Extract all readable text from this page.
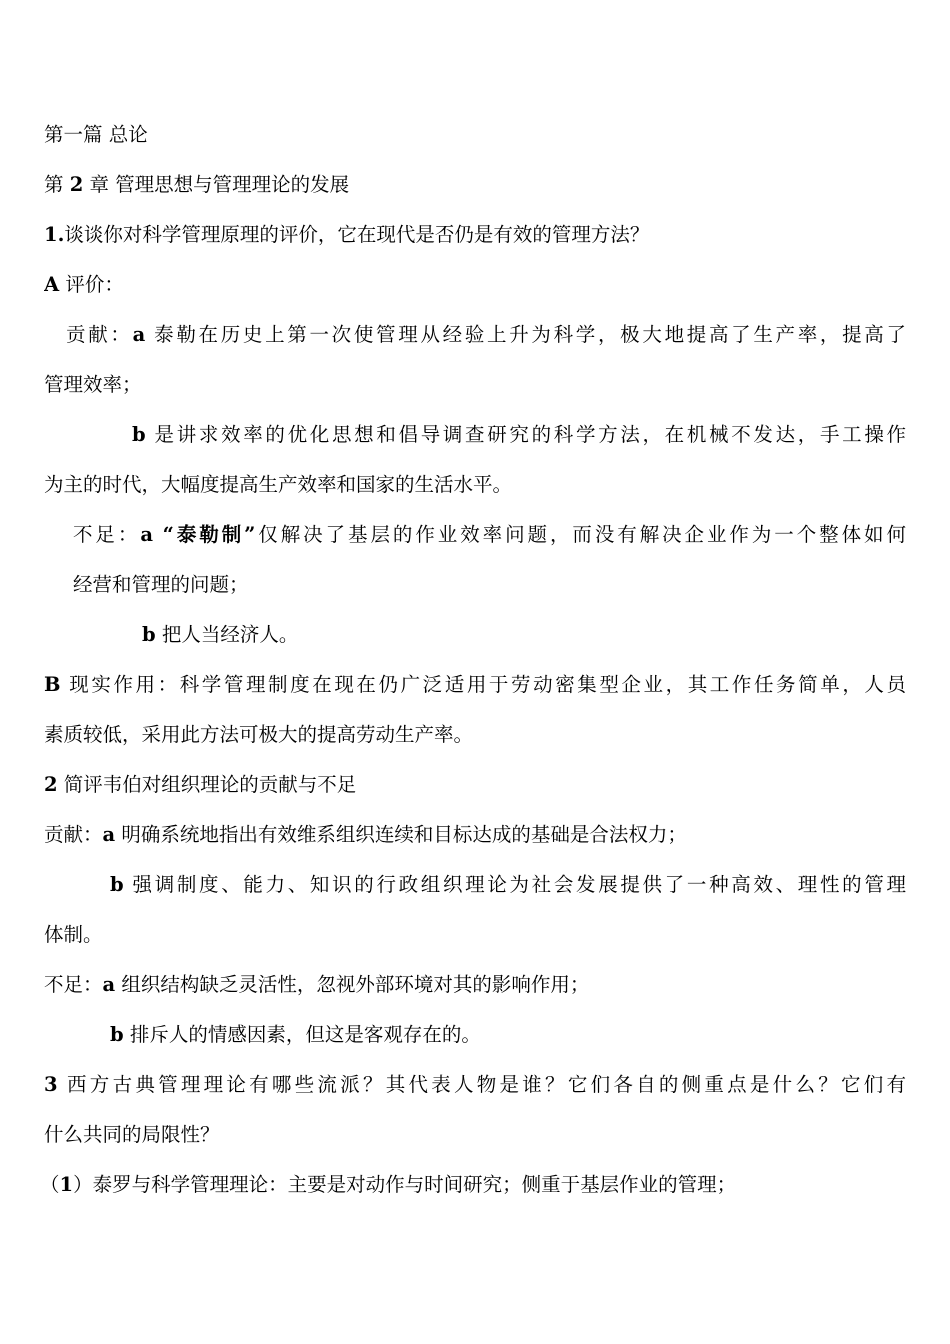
第一篇 总论
第 2 章 管理思想与管理理论的发展
1.谈谈你对科学管理原理的评价，它在现代是否仍是有效的管理方法？
A 评价：
贡献：a 泰勒在历史上第一次使管理从经验上升为科学，极大地提高了生产率，提高了
管理效率；
b 是讲求效率的优化思想和倡导调查研究的科学方法，在机械不发达，手工操作
为主的时代，大幅度提高生产效率和国家的生活水平。
不足：a “泰勒制”仅解决了基层的作业效率问题，而没有解决企业作为一个整体如何
经营和管理的问题；
b 把人当经济人。
B 现实作用：科学管理制度在现在仍广泛适用于劳动密集型企业，其工作任务简单，人员
素质较低，采用此方法可极大的提高劳动生产率。
2 简评韦伯对组织理论的贡献与不足
贡献：a 明确系统地指出有效维系组织连续和目标达成的基础是合法权力；
b 强调制度、能力、知识的行政组织理论为社会发展提供了一种高效、理性的管理
体制。
不足：a 组织结构缺乏灵活性，忽视外部环境对其的影响作用；
b 排斥人的情感因素，但这是客观存在的。
3 西方古典管理理论有哪些流派？其代表人物是谁？它们各自的侧重点是什么？它们有
什么共同的局限性？
（1）泰罗与科学管理理论：主要是对动作与时间研究；侧重于基层作业的管理；
